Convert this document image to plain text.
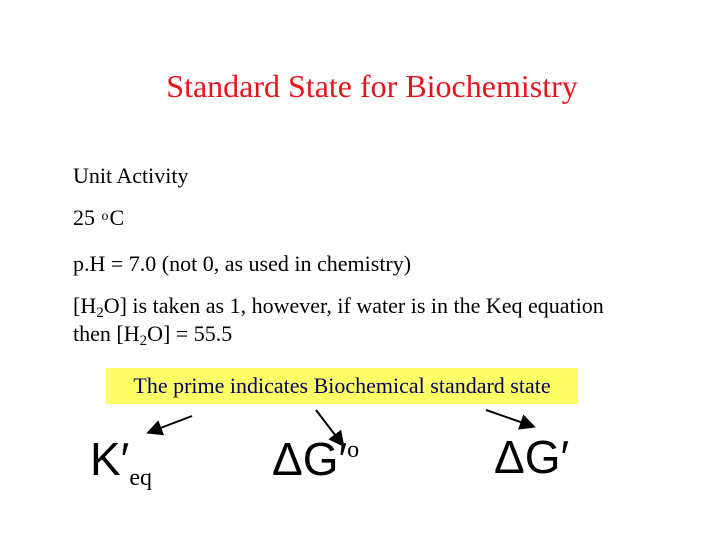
Standard State for Biochemistry
Unit Activity
25 $^o$C
p.H = 7.0 (not 0, as used in chemistry)
$[H_2O]$ is taken as 1, however, if water is in the Keq equation
then $[H_2O] = 55.5$
The prime indicates Biochemical standard state
$K'_{eq}$	$\Delta G'^o$	ΔG′
